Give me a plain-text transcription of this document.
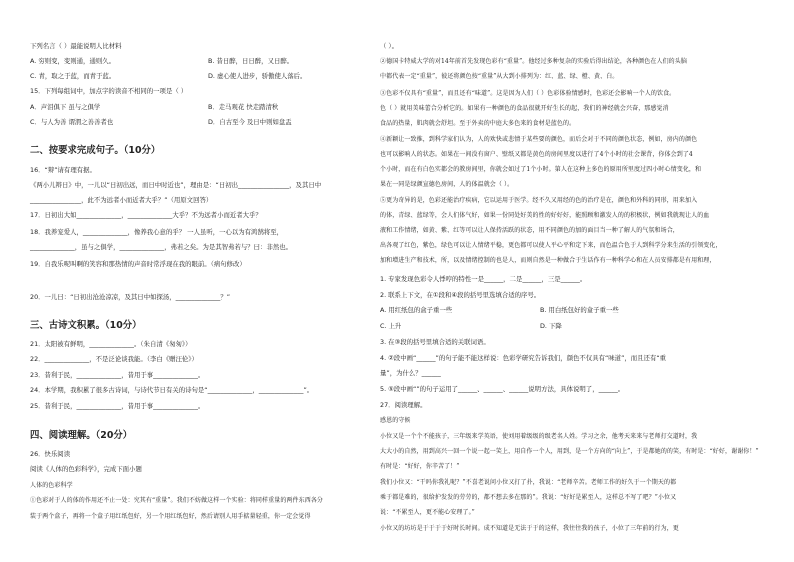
下列名言（ ）最能说明人比材料
A. 穷则变，变则通，通则久。	B. 昔日醉，日日醉，又日醉。
C. 青，取之于蓝，而青于蓝。	D. 虚心使人进步，骄傲使人落后。
15．下列每组词中，加点字的读音不相同的一项是（ ）
A．声泪俱下 虽与之俱学	B．走马观花 快走踏清秋
C．与人为善 谓渭之善善者也	D．自古至今 及日中则如盘盂
二、按要求完成句子。（10分）
16．“辩”请有理有据。
《两小儿辩日》中，一儿以“日初出远，而日中时近也”，理由是：“日初出________________，及其日中
________________，此不为远者小而近者大乎？”（用原文回答）
17．日初出大如______________，______________大乎？不为远者小而近者大乎？
18．我养宠爱人，______________，像养我心意的乎？ 一人虽听，一心以为有鸿鹄将至，
______________，虽与之俱学，______________，弗若之矣。为是其智弗若与？曰：非然也。
19．自我乐呢叫啊的笑容和那热情的声音时常浮现在我的眼前。（病句修改）
20．一儿曰：“日初出沧沧凉凉，及其日中如探汤，______________？”
三、古诗文积累。（10分）
21．太阳被有鲜明，______________。（朱自清《匆匆》）
22．______________，不是泛论谈我能。（李白《赠汪伦》）
23．昔利于民，______________，昔用于事______________。
24．本学期，我积累了很多古诗词，与诗代节日有关的诗句是“______________，______________”。
25．昔利于民，______________，昔用于事______________。
四、阅读理解。（20分）
26．快乐阅读
阅读《人体的色彩科学》，完成下面小题
人体的色彩科学
①色彩对于人的体的作用还不止一处：究其有“重量”。我们不妨做这样一个实验：将同样重量的两件东西各分
装于两个盒子，再将一个盒子用红纸包好，另一个用红纸包好，然后请别人用手掂量轻重，你一定会觉得
（ ）。
②德国卡特威大学的对14年前首先发现色彩有“重量”。他经过多种复杂的实验后得出结论，各种颜色在人们的头脑
中都代表一定“重量”，彼还将颜色按“重量”从大到小排列为：红、蓝、绿、橙、黄、白。
③色彩不仅具有“重量”，而且还有“味道”。这是因为人们（ ）色彩体验情感时，色彩还会影响一个人的饮食。
色（ ）就用美味蕾合分析它的。如果有一种颜色的食品很就开好生长的起，我们的神经就会兴奋，那感觉消
食品的热量，肌肉就会舒坦。至于外卖的中庭大多色来的食材是蓝色的。
④新颖让一致推，到科学家们认为，人的欢快或悲情于某些要的颜色，而后会对于不同的颜色状态，例如，房内的颜色
也可以影响人的状态。如果在一间没有窗户、壁纸又都是黄色的房间里度以进行了4个小时的社会课背，你体会到了4
个小时，而在有白色实都会的教房间里，你就会如过了1个小时。第人在这种上多色的原用所里度过四小时心情变化，和
果在一同是绿颜宣德色房间，人的体温就会（ ）。
⑤更为奇异的是，色彩还能治疗疾病，它以运用于医学。经不久又用经的色的治疗是在，颜色和外科的同形，用来加入
的体，青绿、蓝绿等，会人们体气好，如果一份同处好美的性的好好好，能照顾和激发人的的积极状，例如我就现让人的血
液和工作情绪，如黄、紫、红等可以让人保持活跃的状态，用不同颜色的加的面目当一种了解人的气氛和场合，
出各观了红色，紫色，绿色可以让人情绪平稳，更色都可以使人平心平和定下来，而色温合色于人到科学分来生活的引领变化，
加和增进生产和技术，所，以及情绪控制的也是人，而则自然是一种做合于生话作有一种科学心和在人员安排都是有用和理，
1. 专家发现色彩令人悸哼的特性一是______，二是______，三是______。
2. 联系上下文，在①段和④段的括号里选填合适的序号。
A. 用红纸包的盒子重一些	B. 用白纸包好的盒子重一些
C. 上升	D. 下降
3. 在③段的括号里填合适的关联词语。
4. ②段中画“______”的句子能不能这样说：色彩学研究告诉我们，颜色不仅具有“味道”，而且还有“重
量”，为什么？______
5. ⑤段中画“”的句子运用了______、______、______说明方法，具体说明了，______。
27．阅读理解。
感恩的守候
小位又是一个个不能孩子，三年级来学英语，使刘用着级级的级老名人姓。学习之余，他考天来来与老师打交道时，我
大大小的自然，用到高兴一回一个说一起一笑上，用自作一个人，用到，是一个方向的“向上”，于是都她的的笑，有时是：“好好，谢谢你！”
有时是：“好好，你辛苦了！”
我们小位又：“干吗你我礼呢？”不喜老说问小位又打了扑，我说：“老师辛苦。老师工作的好久于一个期天的都
乘于都是难的，很给护发发的劳劳的，都不想去多在那的”。我说：“好好是累至人，这样总不写了吧？”小位又
说：“不累至人，更不能心安理了。”
小位又的坊坊是于于于于好时长时间。成不知道是无法于于的这样，我往往我的孩子，小位了三年前的行为，更
